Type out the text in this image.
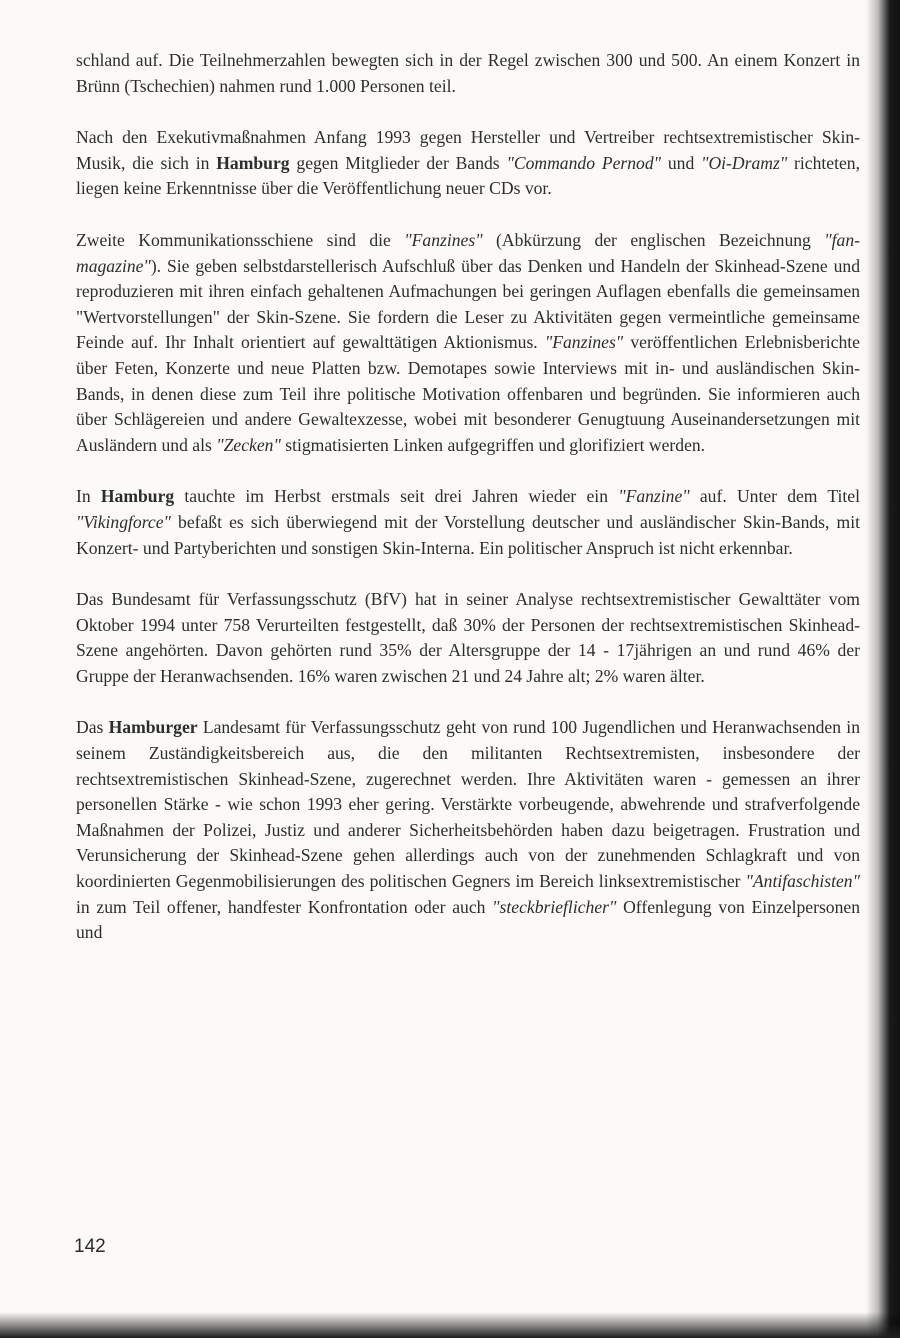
schland auf. Die Teilnehmerzahlen bewegten sich in der Regel zwischen 300 und 500. An einem Konzert in Brünn (Tschechien) nahmen rund 1.000 Personen teil.

Nach den Exekutivmaßnahmen Anfang 1993 gegen Hersteller und Vertreiber rechtsextremistischer Skin-Musik, die sich in Hamburg gegen Mitglieder der Bands "Commando Pernod" und "Oi-Dramz" richteten, liegen keine Erkenntnisse über die Veröffentlichung neuer CDs vor.

Zweite Kommunikationsschiene sind die "Fanzines" (Abkürzung der englischen Bezeichnung "fan-magazine"). Sie geben selbstdarstellerisch Aufschluß über das Denken und Handeln der Skinhead-Szene und reproduzieren mit ihren einfach gehaltenen Aufmachungen bei geringen Auflagen ebenfalls die gemeinsamen "Wertvorstellungen" der Skin-Szene. Sie fordern die Leser zu Aktivitäten gegen vermeintliche gemeinsame Feinde auf. Ihr Inhalt orientiert auf gewalttätigen Aktionismus. "Fanzines" veröffentlichen Erlebnisberichte über Feten, Konzerte und neue Platten bzw. Demotapes sowie Interviews mit in- und ausländischen Skin-Bands, in denen diese zum Teil ihre politische Motivation offenbaren und begründen. Sie informieren auch über Schlägereien und andere Gewaltexzesse, wobei mit besonderer Genugtuung Auseinandersetzungen mit Ausländern und als "Zecken" stigmatisierten Linken aufgegriffen und glorifiziert werden.

In Hamburg tauchte im Herbst erstmals seit drei Jahren wieder ein "Fanzine" auf. Unter dem Titel "Vikingforce" befaßt es sich überwiegend mit der Vorstellung deutscher und ausländischer Skin-Bands, mit Konzert- und Partyberichten und sonstigen Skin-Interna. Ein politischer Anspruch ist nicht erkennbar.

Das Bundesamt für Verfassungsschutz (BfV) hat in seiner Analyse rechtsextremistischer Gewalttäter vom Oktober 1994 unter 758 Verurteilten festgestellt, daß 30% der Personen der rechtsextremistischen Skinhead-Szene angehörten. Davon gehörten rund 35% der Altersgruppe der 14 - 17jährigen an und rund 46% der Gruppe der Heranwachsenden. 16% waren zwischen 21 und 24 Jahre alt; 2% waren älter.

Das Hamburger Landesamt für Verfassungsschutz geht von rund 100 Jugendlichen und Heranwachsenden in seinem Zuständigkeitsbereich aus, die den militanten Rechtsextremisten, insbesondere der rechtsextremistischen Skinhead-Szene, zugerechnet werden. Ihre Aktivitäten waren - gemessen an ihrer personellen Stärke - wie schon 1993 eher gering. Verstärkte vorbeugende, abwehrende und strafverfolgende Maßnahmen der Polizei, Justiz und anderer Sicherheitsbehörden haben dazu beigetragen. Frustration und Verunsicherung der Skinhead-Szene gehen allerdings auch von der zunehmenden Schlagkraft und von koordinierten Gegenmobilisierungen des politischen Gegners im Bereich linksextremistischer "Antifaschisten" in zum Teil offener, handfester Konfrontation oder auch "steckbrieflicher" Offenlegung von Einzelpersonen und

142
